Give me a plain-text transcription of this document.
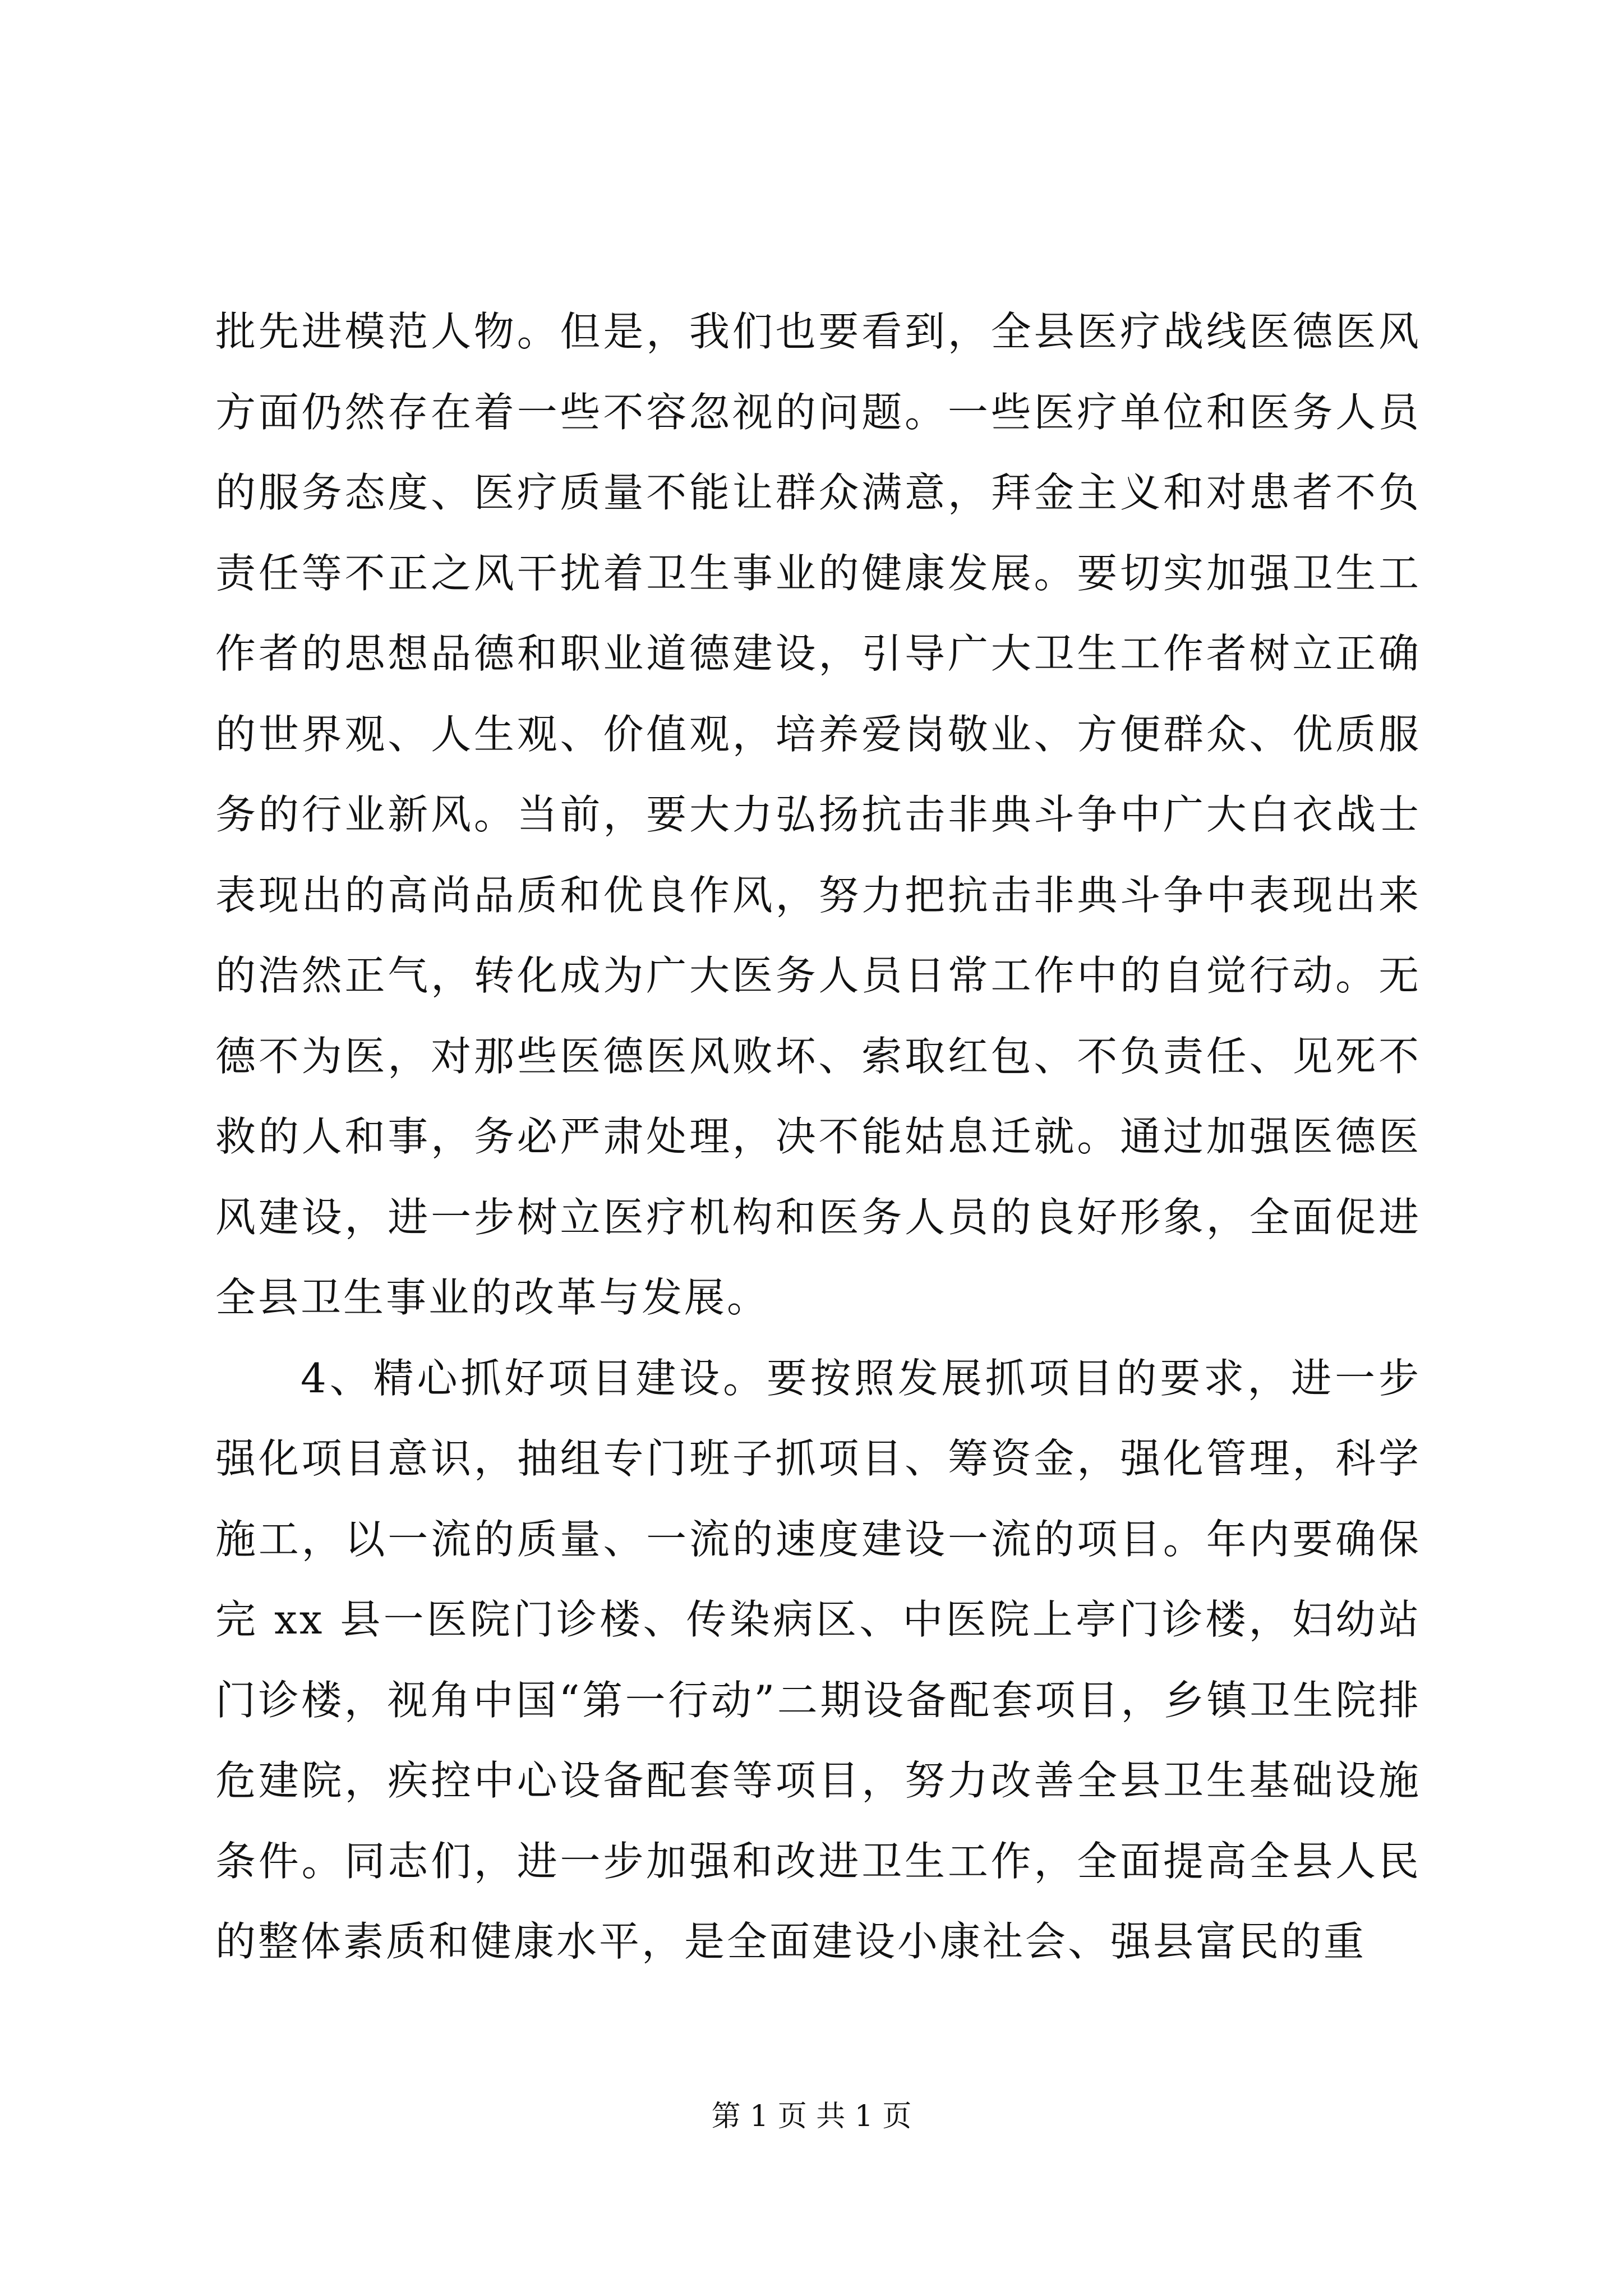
批先进模范人物。但是，我们也要看到，全县医疗战线医德医风方面仍然存在着一些不容忽视的问题。一些医疗单位和医务人员的服务态度、医疗质量不能让群众满意，拜金主义和对患者不负责任等不正之风干扰着卫生事业的健康发展。要切实加强卫生工作者的思想品德和职业道德建设，引导广大卫生工作者树立正确的世界观、人生观、价值观，培养爱岗敬业、方便群众、优质服务的行业新风。当前，要大力弘扬抗击非典斗争中广大白衣战士表现出的高尚品质和优良作风，努力把抗击非典斗争中表现出来的浩然正气，转化成为广大医务人员日常工作中的自觉行动。无德不为医，对那些医德医风败坏、索取红包、不负责任、见死不救的人和事，务必严肃处理，决不能姑息迁就。通过加强医德医风建设，进一步树立医疗机构和医务人员的良好形象，全面促进全县卫生事业的改革与发展。

4、精心抓好项目建设。要按照发展抓项目的要求，进一步强化项目意识，抽组专门班子抓项目、筹资金，强化管理，科学施工，以一流的质量、一流的速度建设一流的项目。年内要确保完 xx 县一医院门诊楼、传染病区、中医院上亭门诊楼，妇幼站门诊楼，视角中国“第一行动”二期设备配套项目，乡镇卫生院排危建院，疾控中心设备配套等项目，努力改善全县卫生基础设施条件。同志们，进一步加强和改进卫生工作，全面提高全县人民的整体素质和健康水平，是全面建设小康社会、强县富民的重

第 1 页 共 1 页
